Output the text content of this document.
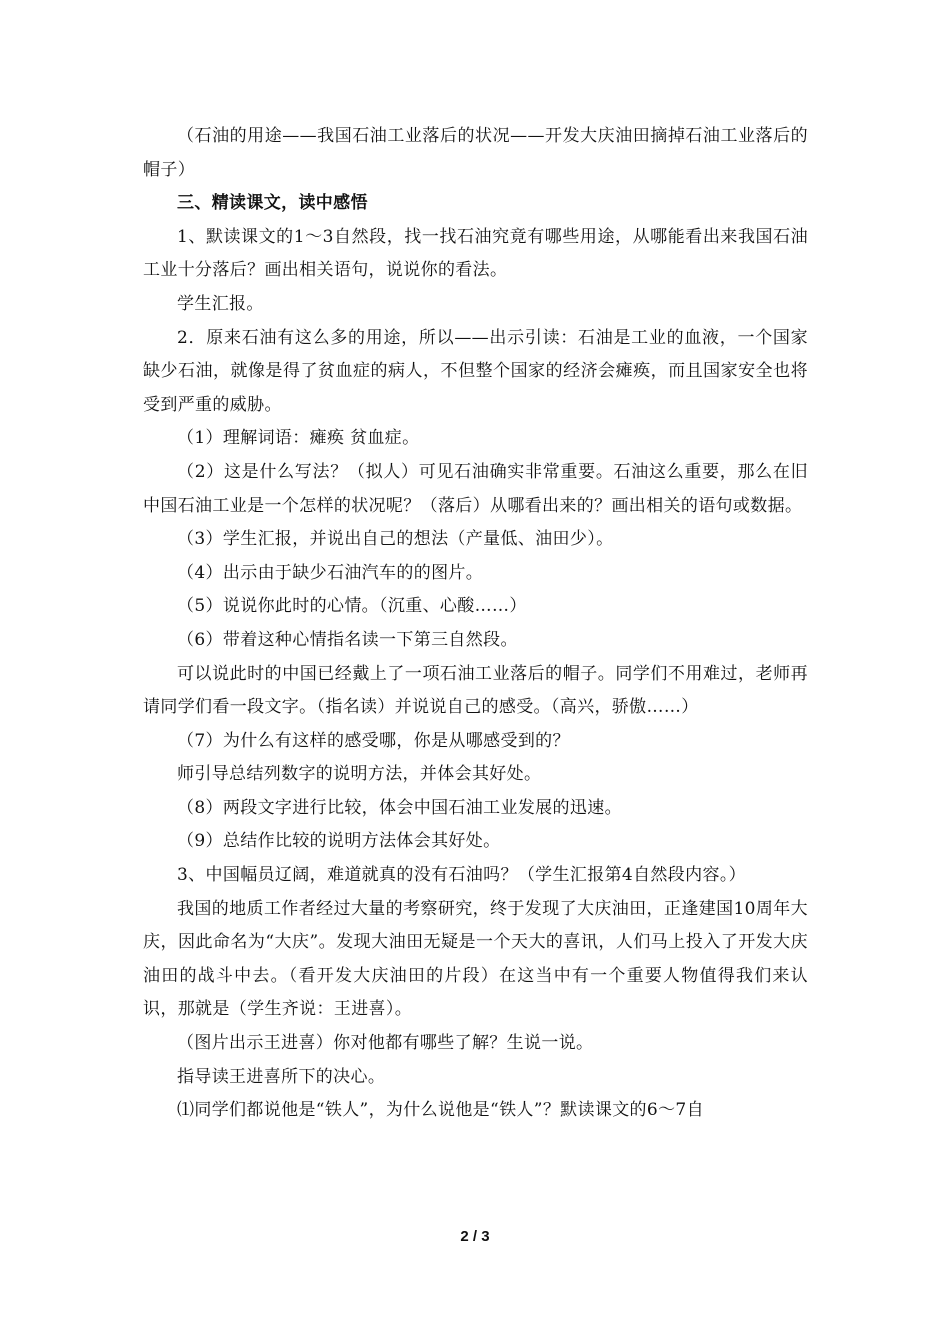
（石油的用途——我国石油工业落后的状况——开发大庆油田摘掉石油工业落后的帽子）

三、精读课文，读中感悟

1、默读课文的1～3自然段，找一找石油究竟有哪些用途，从哪能看出来我国石油工业十分落后？画出相关语句，说说你的看法。

学生汇报。

2．原来石油有这么多的用途，所以——出示引读：石油是工业的血液，一个国家缺少石油，就像是得了贫血症的病人，不但整个国家的经济会瘫痪，而且国家安全也将受到严重的威胁。

（1）理解词语：瘫痪 贫血症。

（2）这是什么写法？（拟人）可见石油确实非常重要。石油这么重要，那么在旧中国石油工业是一个怎样的状况呢？（落后）从哪看出来的？画出相关的语句或数据。

（3）学生汇报，并说出自己的想法（产量低、油田少）。

（4）出示由于缺少石油汽车的的图片。

（5）说说你此时的心情。（沉重、心酸……）

（6）带着这种心情指名读一下第三自然段。

可以说此时的中国已经戴上了一项石油工业落后的帽子。同学们不用难过，老师再请同学们看一段文字。（指名读）并说说自己的感受。（高兴，骄傲……）

（7）为什么有这样的感受哪，你是从哪感受到的？

师引导总结列数字的说明方法，并体会其好处。

（8）两段文字进行比较，体会中国石油工业发展的迅速。

（9）总结作比较的说明方法体会其好处。

3、中国幅员辽阔，难道就真的没有石油吗？（学生汇报第4自然段内容。）

我国的地质工作者经过大量的考察研究，终于发现了大庆油田，正逢建国10周年大庆，因此命名为“大庆”。发现大油田无疑是一个天大的喜讯，人们马上投入了开发大庆油田的战斗中去。（看开发大庆油田的片段）在这当中有一个重要人物值得我们来认识，那就是（学生齐说：王进喜）。

（图片出示王进喜）你对他都有哪些了解？生说一说。

指导读王进喜所下的决心。

⑴同学们都说他是“铁人”，为什么说他是“铁人”？默读课文的6～7自

2 / 3
